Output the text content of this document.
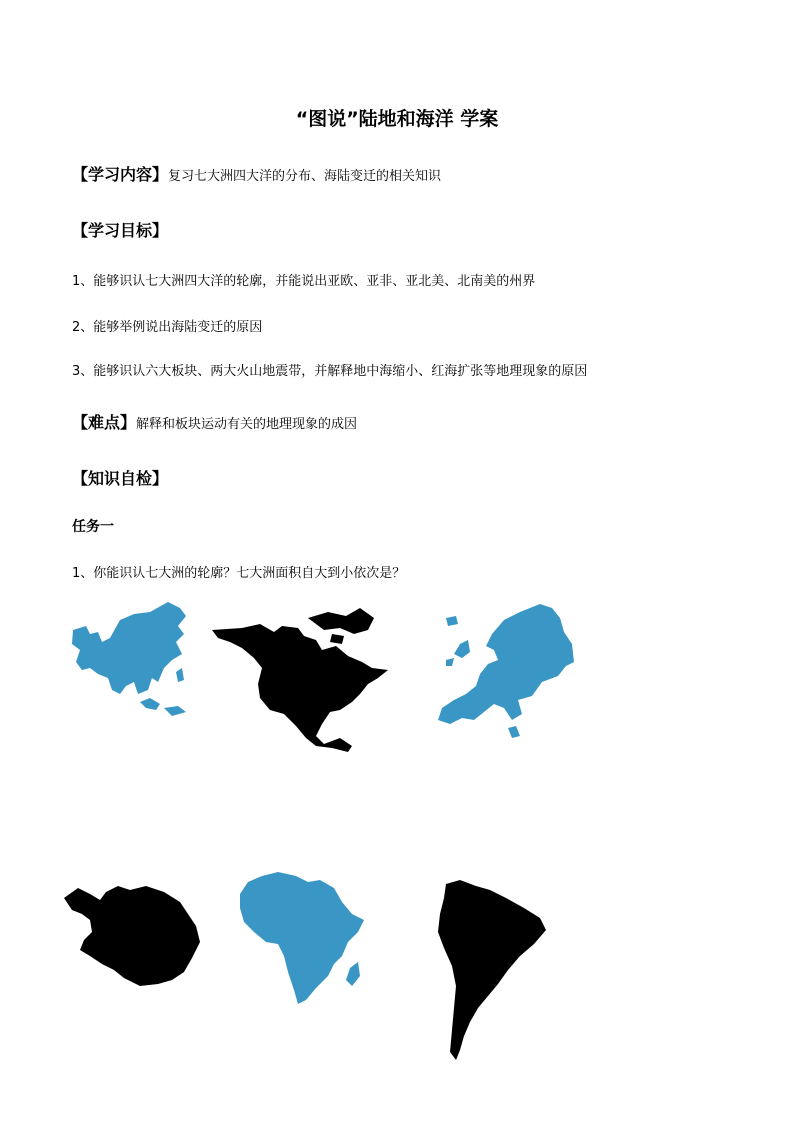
“图说”陆地和海洋 学案
【学习内容】复习七大洲四大洋的分布、海陆变迁的相关知识
【学习目标】
1、能够识认七大洲四大洋的轮廓，并能说出亚欧、亚非、亚北美、北南美的州界
2、能够举例说出海陆变迁的原因
3、能够识认六大板块、两大火山地震带，并解释地中海缩小、红海扩张等地理现象的原因
【难点】解释和板块运动有关的地理现象的成因
【知识自检】
任务一
1、你能识认七大洲的轮廓？七大洲面积自大到小依次是？
